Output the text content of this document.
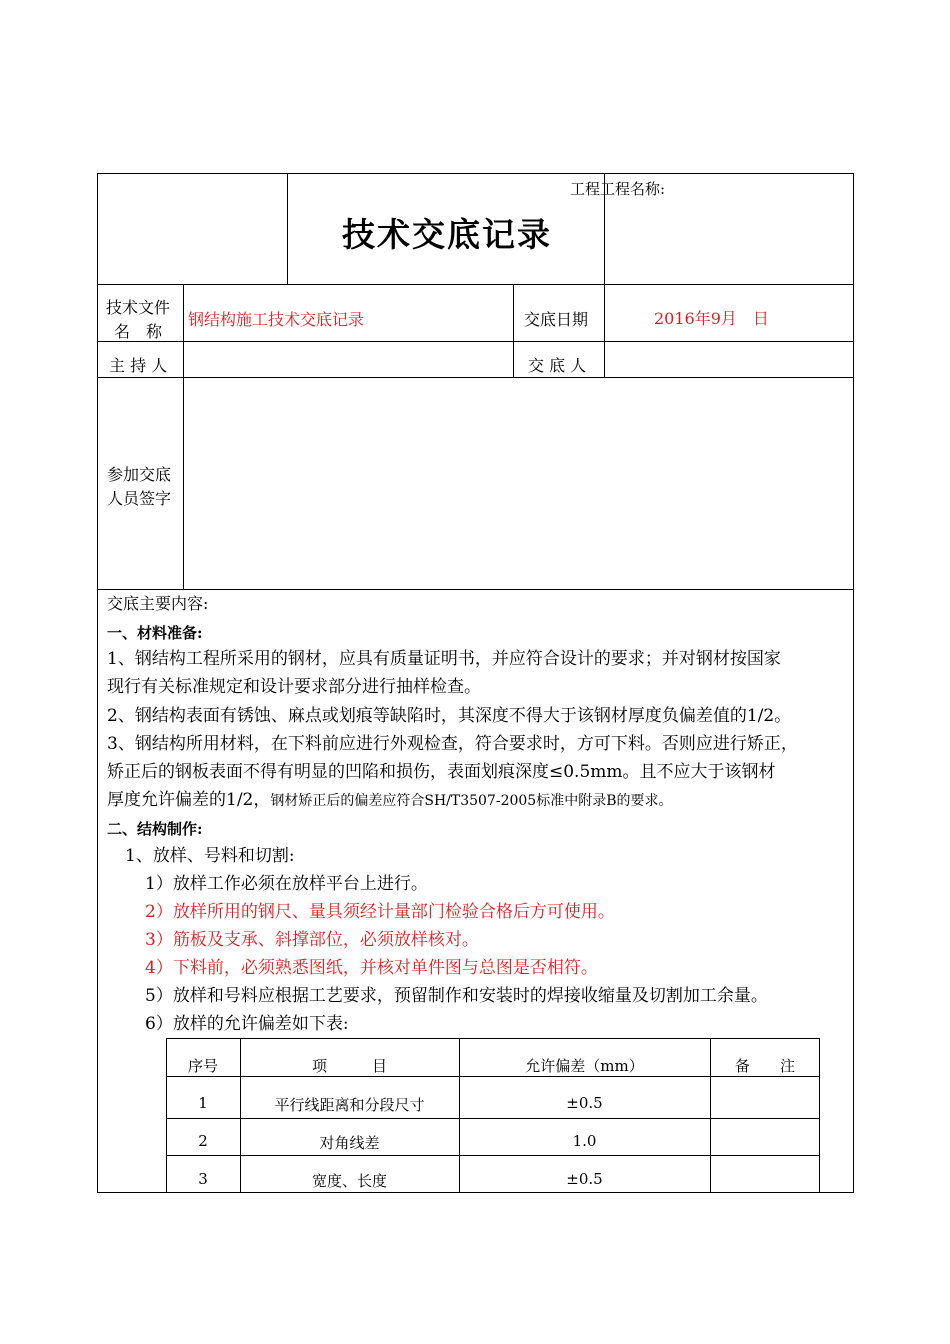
工程工程名称:
技术交底记录
技术文件
名　称
钢结构施工技术交底记录	交底日期	2016年9月　日
主 持 人	交 底 人
参加交底
人员签字
交底主要内容:
一、材料准备:
1、钢结构工程所采用的钢材，应具有质量证明书，并应符合设计的要求；并对钢材按国家
现行有关标准规定和设计要求部分进行抽样检查。
2、钢结构表面有锈蚀、麻点或划痕等缺陷时，其深度不得大于该钢材厚度负偏差值的1/2。
3、钢结构所用材料，在下料前应进行外观检查，符合要求时，方可下料。否则应进行矫正，
矫正后的钢板表面不得有明显的凹陷和损伤，表面划痕深度≤0.5mm。且不应大于该钢材
厚度允许偏差的1/2，钢材矫正后的偏差应符合SH/T3507-2005标准中附录B的要求。
二、结构制作:
1、放样、号料和切割:
1）放样工作必须在放样平台上进行。
2）放样所用的钢尺、量具须经计量部门检验合格后方可使用。
3）筋板及支承、斜撑部位，必须放样核对。
4）下料前，必须熟悉图纸，并核对单件图与总图是否相符。
5）放样和号料应根据工艺要求，预留制作和安装时的焊接收缩量及切割加工余量。
6）放样的允许偏差如下表:
序号	项　　　目	允许偏差（mm）	备　　注
1	平行线距离和分段尺寸	±0.5
2	对角线差	1.0
3	宽度、长度	±0.5
